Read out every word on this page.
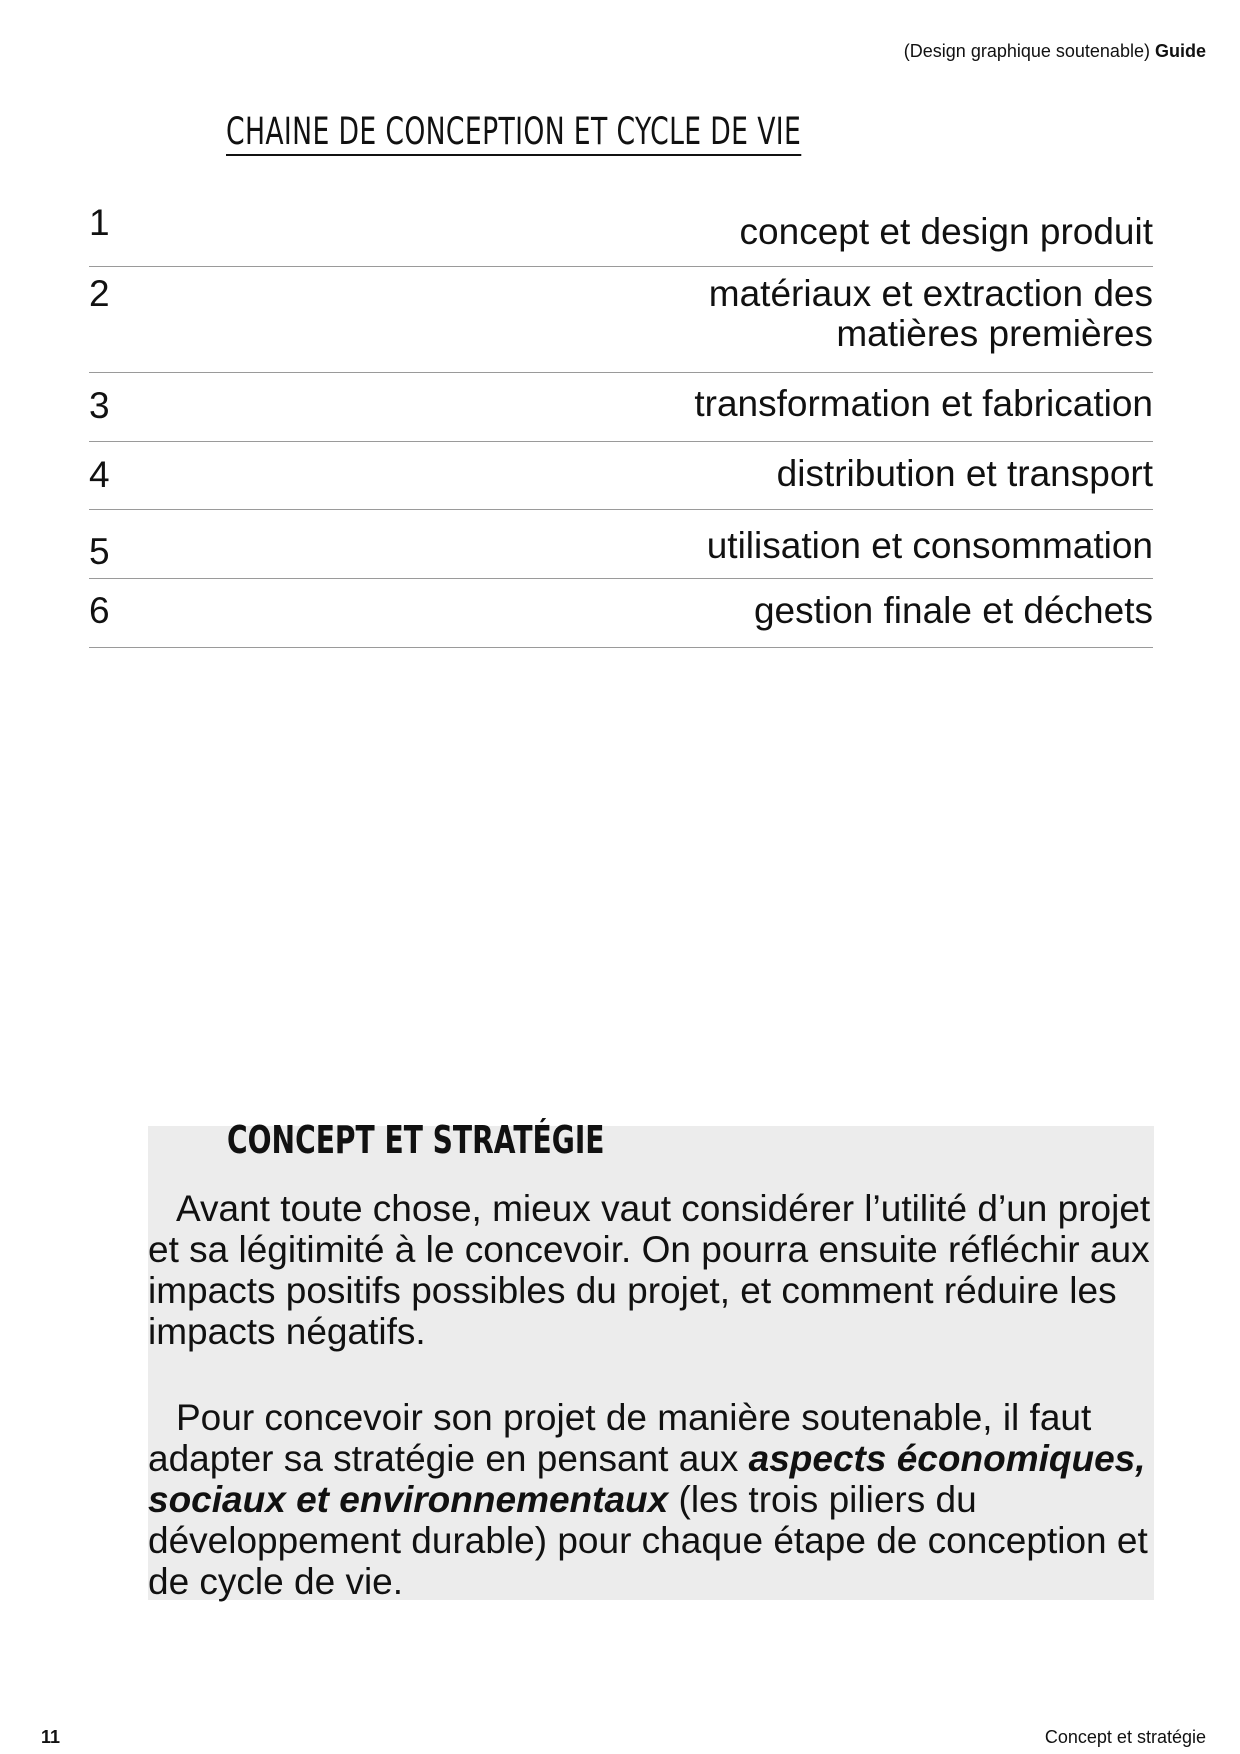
(Design graphique soutenable) Guide
CHAINE DE CONCEPTION ET CYCLE DE VIE
1	concept et design produit
2	matériaux et extraction des
matières premières
3	transformation et fabrication
4	distribution et transport
5	utilisation et consommation
6	gestion finale et déchets
CONCEPT ET STRATÉGIE

Avant toute chose, mieux vaut considérer l’utilité d’un projet et sa légitimité à le concevoir. On pourra ensuite réfléchir aux impacts positifs possibles du projet, et comment réduire les impacts négatifs.

Pour concevoir son projet de manière soutenable, il faut adapter sa stratégie en pensant aux aspects économiques, sociaux et environnementaux (les trois piliers du développement durable) pour chaque étape de conception et de cycle de vie.

11	Concept et stratégie
